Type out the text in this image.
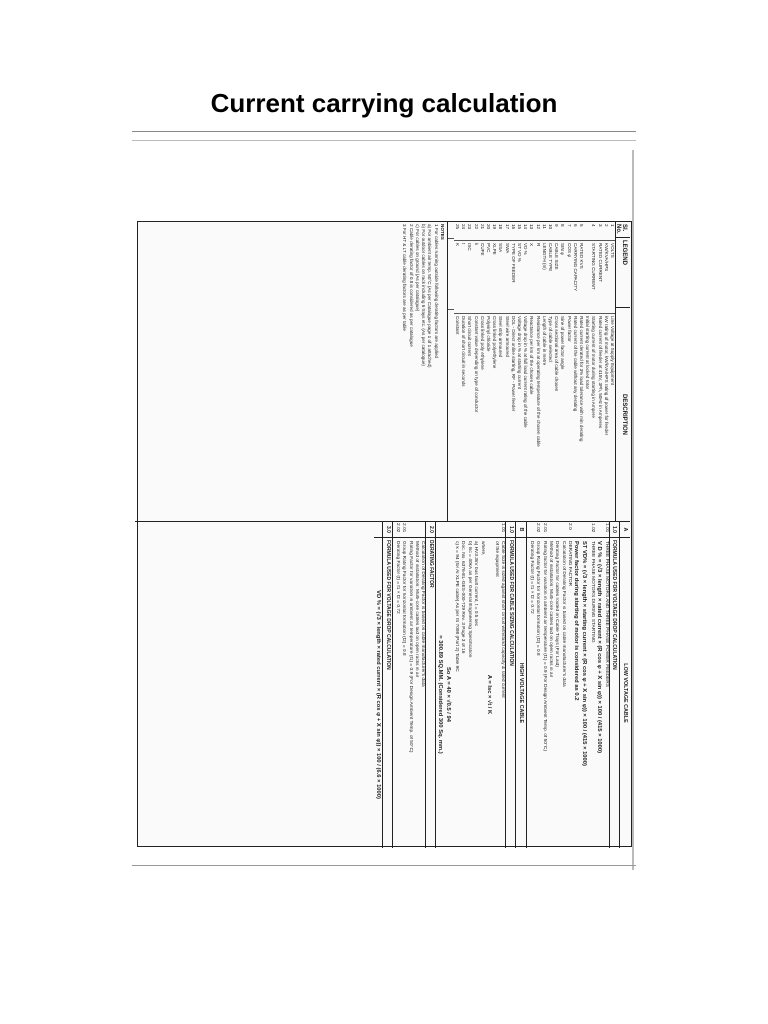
Current carrying calculation
Sl. No.
LEGEND
DESCRIPTION
1
VOLTS
Line Voltage at Supply Equipment
2
KW/KVA/HPS
kW rating of motor, kW/kVA/HPS rating of power for feeder
3
RATED CURRENT
Rated current of feeder at 415V, 3Ph, 50Hz in Amperes
4
STARTING CURRENT
Starting current of motor during starting in Ampere
Initial starting current at locked rotor
5
RATED KVS
Rated current derated for 3% load tolerance with min derating
6
CARRYING CAPACITY
Rated current of the cable without any derating
7
COS φ
Power factor
8
SIN φ
Sine of power factor angle
9
CABLE SIZE
Cross sectional area of cable chosen
10
CABLE TYPE
Type of cable selected
11
LENGTH (m)
Length of cable in metre
12
R
Resistance per km at operating temperature of the chosen cable
13
X
Reactance per km of the chosen cable
14
VD %
Voltage drop in % at full load current rating of the cable
15
ST VD %
Voltage drop in % at starting current
16
TYPE OF FEEDER
DOL - Direct online starting, RF - Power feeder
17
SWA
Steel wire armoured
18
SSA
Steel strip armoured
19
XLPE
Cross linked polyethylene
20
PVC
Polyvinyl chloride
21
CUFE
Cross linked poly ethylene
22
k
Constant value depending on type of conductor
23
ISC
Short circuit current
24
t
Duration of short circuit in seconds
25
K
Constant
NOTES
1 For cables running outside following derating factors are applied
a) For ambient air temp. 50°C (As per Catalogue page 1 of 1 attached)
b) For outdoor cables on rack including 6 trays etc. (As per catalogue)
c) For cables on ground (As per catalogue)
2 Cable derating factor of 0.8 is considered as per catalogue
3 For HT & LT cable derating factors are as per table
A
LOW VOLTAGE CABLE
1.0
FORMULA USED FOR VOLTAGE DROP CALCULATION
1.01
THREE PHASE MOTORS AND THREE PHASE POWER FEEDERS
V D % = (√3 × length × rated current × (R cos φ + X sin φ)) × 100 / (415 × 1000)
1.02
THREE PHASE MOTORS DURING STARTING
ST VD% = (√3 × length × starting current × (R cos φ + X sin φ)) × 100 / (415 × 1000)
Power factor during starting of motor is considered as 0.2
2.0
DERATING FACTOR
Calculation of Derating Factor is based on cable manufacturer's data
Derating Factor for cables routed on Cable Trays (For Laid)
Method of installation: Multi-core cables laid on open racks in air
2.01
Rating factor for variation in ambient air temperature (f1) = 0.9 (For Design Ambient Temp. of 50°C)
2.02
Group Rating Factor for horizontal formation (f2) = 0.8
Derating Factor (f) = f1 × f2 = 0.72
B
HIGH VOLTAGE CABLE
1.0
FORMULA USED FOR CABLE SIZING CALCULATION
1.01
Cable Size is sized against short circuit withstand capacity & rated current
of the equipment
A = Isc × √t / K
where,
a) HV3.3kV bus fault current, t = 0.5 sec
b) Isc = 40kA as per General Engineering Specification
Doc. No. 6376-EL-GES-000-729 Rev. 3 Page 3 of 16
c) k = 94 (for Al XLPE cable) As per IS 7098 (Part 2) Table 9C
So A = 40 × √0.5 / 94
= 300.89 SQ.MM. (Considered 300 Sq. mm.)
2.0
DERATING FACTOR
Calculation of Derating Factor is based on cable manufacturer's data
Method of installation: Multi-core cables laid on open racks in air
Rating Factor for variation in ambient air temperature (f1) = 0.9 (For Design Ambient Temp. of 50°C)
2.01
Group Rating Factor for horizontal formation (f2) = 0.8
2.02
Derating Factor (f) = f1 × f2 = 0.72
3.0
FORMULA USED FOR VOLTAGE DROP CALCULATION
VD % = (√3 × length × rated current × (R cos φ + X sin φ)) × 100 / (6.6 × 1000)
